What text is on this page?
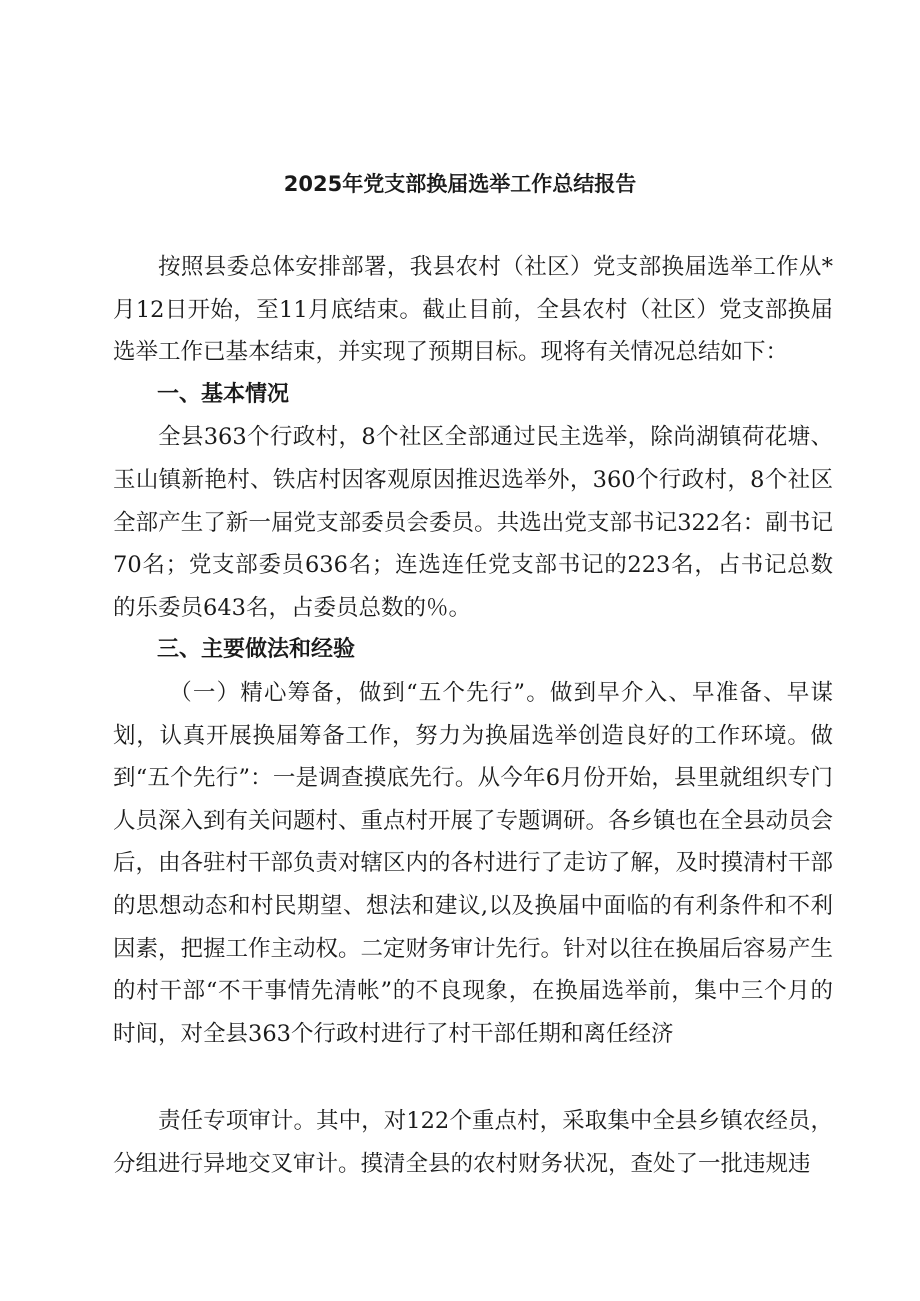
2025年党支部换届选举工作总结报告

按照县委总体安排部署，我县农村（社区）党支部换届选举工作从*月12日开始，至11月底结束。截止目前，全县农村（社区）党支部换届选举工作已基本结束，并实现了预期目标。现将有关情况总结如下：

一、基本情况

全县363个行政村，8个社区全部通过民主选举，除尚湖镇荷花塘、玉山镇新艳村、铁店村因客观原因推迟选举外，360个行政村，8个社区全部产生了新一届党支部委员会委员。共选出党支部书记322名：副书记70名；党支部委员636名；连选连任党支部书记的223名，占书记总数的乐委员643名，占委员总数的％。

三、主要做法和经验

（一）精心筹备，做到“五个先行”。做到早介入、早准备、早谋划，认真开展换届筹备工作，努力为换届选举创造良好的工作环境。做到“五个先行”：一是调查摸底先行。从今年6月份开始，县里就组织专门人员深入到有关问题村、重点村开展了专题调研。各乡镇也在全县动员会后，由各驻村干部负责对辖区内的各村进行了走访了解，及时摸清村干部的思想动态和村民期望、想法和建议,以及换届中面临的有利条件和不利因素，把握工作主动权。二定财务审计先行。针对以往在换届后容易产生的村干部“不干事情先清帐”的不良现象，在换届选举前，集中三个月的时间，对全县363个行政村进行了村干部任期和离任经济

责任专项审计。其中，对122个重点村，采取集中全县乡镇农经员，分组进行异地交叉审计。摸清全县的农村财务状况，查处了一批违规违
